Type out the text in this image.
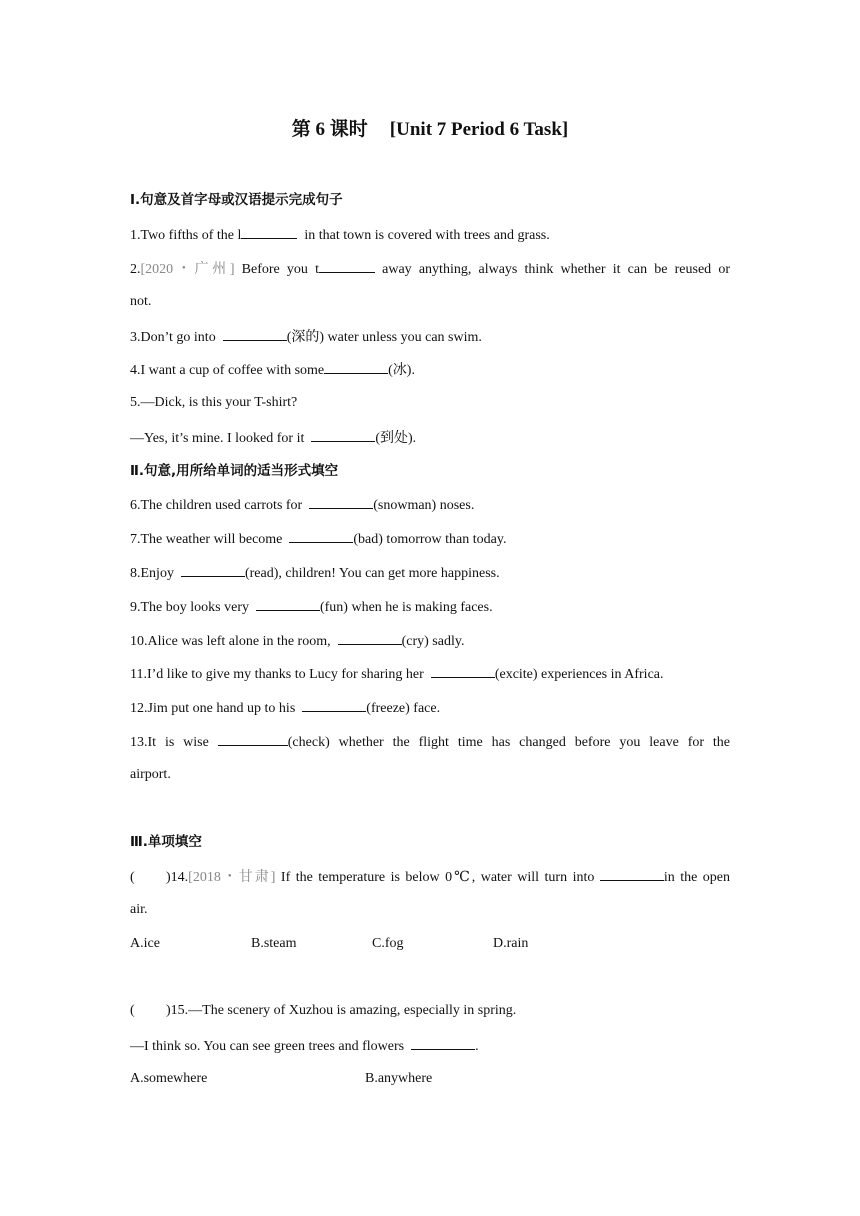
第 6 课时 [Unit 7 Period 6 Task]
Ⅰ.句意及首字母或汉语提示完成句子
1.Two fifths of the l	in that town is covered with trees and grass.
2.[2020・广州] Before you t	away anything, always think whether it can be reused or
not.
3.Don’t go into	(深的) water unless you can swim.
4.I want a cup of coffee with some	(冰).
5.—Dick, is this your T-shirt?
—Yes, it’s mine. I looked for it	(到处).
Ⅱ.句意,用所给单词的适当形式填空
6.The children used carrots for	(snowman) noses.
7.The weather will become	(bad) tomorrow than today.
8.Enjoy	(read), children! You can get more happiness.
9.The boy looks very	(fun) when he is making faces.
10.Alice was left alone in the room,	(cry) sadly.
11.I’d like to give my thanks to Lucy for sharing her	(excite) experiences in Africa.
12.Jim put one hand up to his	(freeze) face.
13.It is wise	(check) whether the flight time has changed before you leave for the
airport.
Ⅲ.单项填空
( )14.[2018・甘肃] If the temperature is below 0℃, water will turn into	in the open
air.
A.ice	B.steam	C.fog	D.rain
( )15.—The scenery of Xuzhou is amazing, especially in spring.
—I think so. You can see green trees and flowers	.
A.somewhere	B.anywhere
